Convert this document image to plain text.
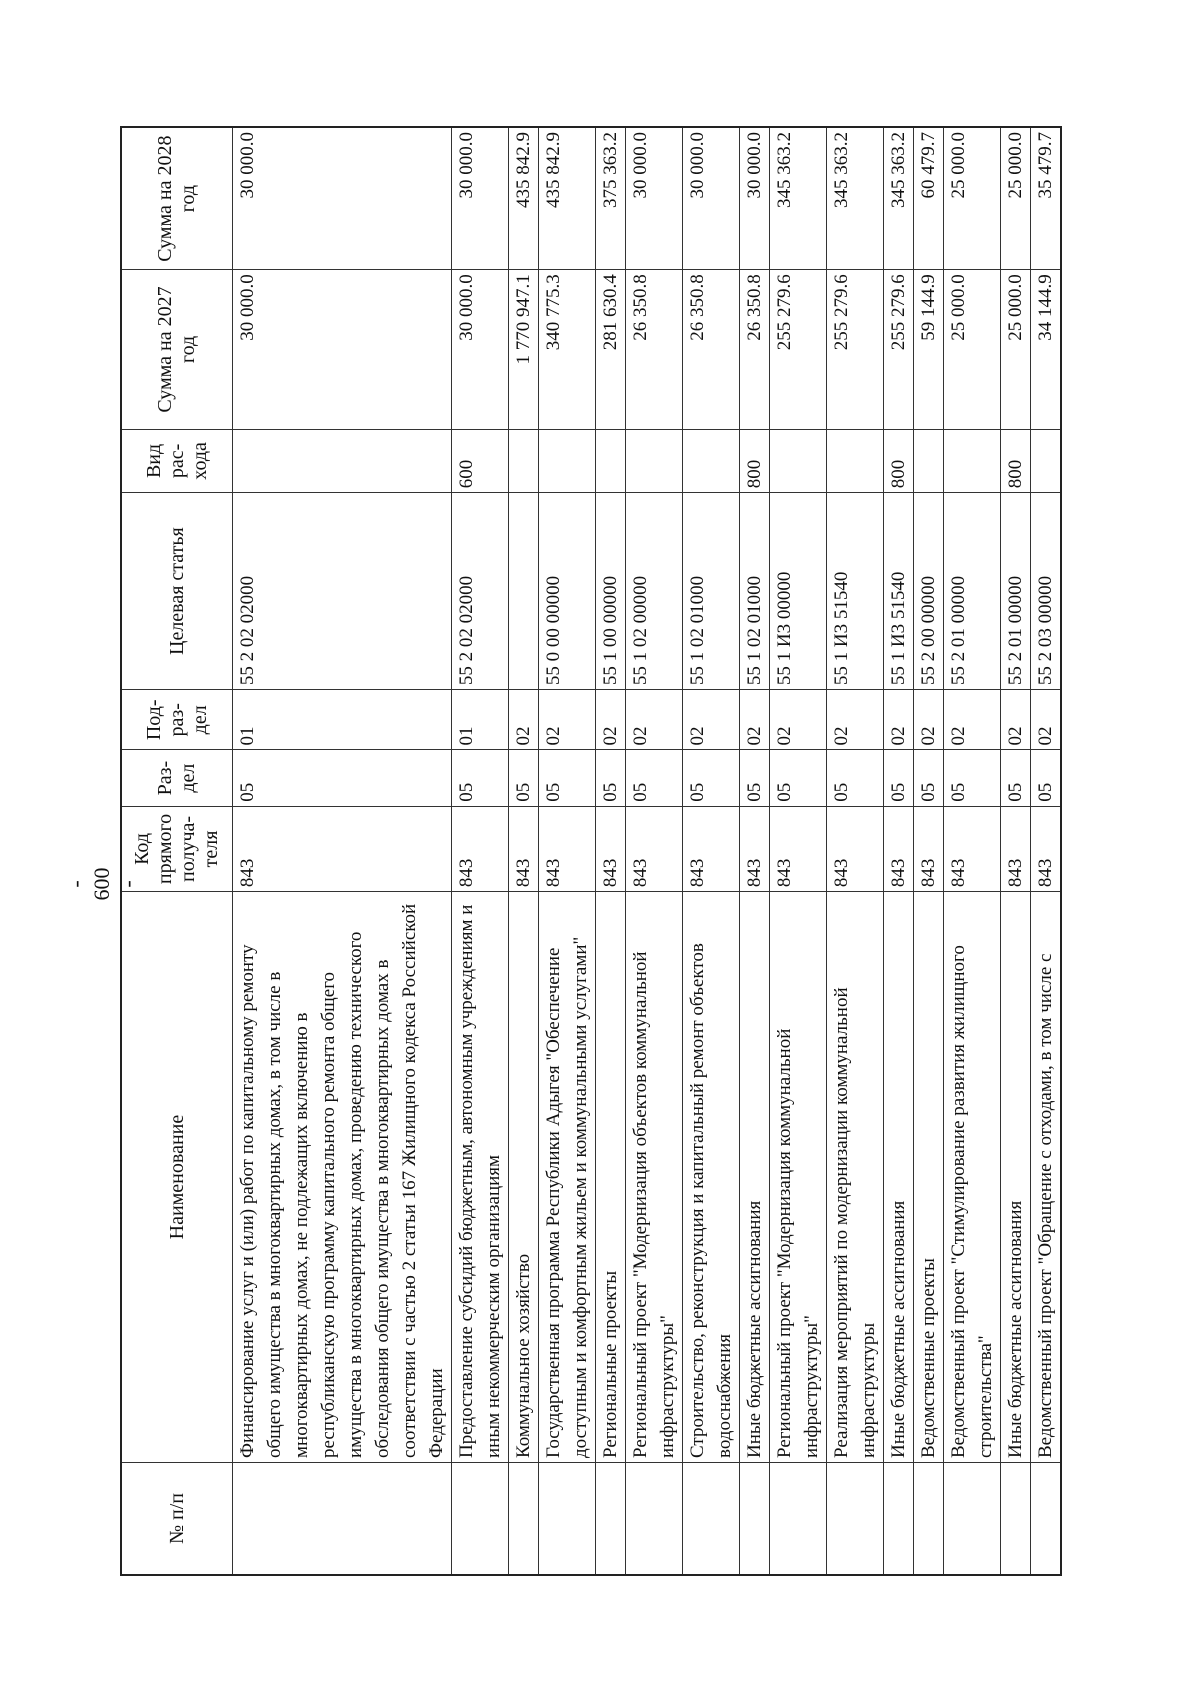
- 600 -
№ п/п	Наименование	Код прямого получа-теля	Раз-дел	Под-раз-дел	Целевая статья	Вид рас-хода	Сумма на 2027 год	Сумма на 2028 год
	Финансирование услуг и (или) работ по капитальному ремонту общего имущества в многоквартирных домах, в том числе в многоквартирных домах, не подлежащих включению в республиканскую программу капитального ремонта общего имущества в многоквартирных домах, проведению технического обследования общего имущества в многоквартирных домах в соответствии с частью 2 статьи 167 Жилищного кодекса Российской Федерации	843	05	01	55 2 02 02000		30 000.0	30 000.0
	Предоставление субсидий бюджетным, автономным учреждениям и иным некоммерческим организациям	843	05	01	55 2 02 02000	600	30 000.0	30 000.0
	Коммунальное хозяйство	843	05	02			1 770 947.1	435 842.9
	Государственная программа Республики Адыгея "Обеспечение доступным и комфортным жильем и коммунальными услугами"	843	05	02	55 0 00 00000		340 775.3	435 842.9
	Региональные проекты	843	05	02	55 1 00 00000		281 630.4	375 363.2
	Региональный проект "Модернизация объектов коммунальной инфраструктуры"	843	05	02	55 1 02 00000		26 350.8	30 000.0
	Строительство, реконструкция и капитальный ремонт объектов водоснабжения	843	05	02	55 1 02 01000		26 350.8	30 000.0
	Иные бюджетные ассигнования	843	05	02	55 1 02 01000	800	26 350.8	30 000.0
	Региональный проект "Модернизация коммунальной инфраструктуры"	843	05	02	55 1 И3 00000		255 279.6	345 363.2
	Реализация мероприятий по модернизации коммунальной инфраструктуры	843	05	02	55 1 И3 51540		255 279.6	345 363.2
	Иные бюджетные ассигнования	843	05	02	55 1 И3 51540	800	255 279.6	345 363.2
	Ведомственные проекты	843	05	02	55 2 00 00000		59 144.9	60 479.7
	Ведомственный проект "Стимулирование развития жилищного строительства"	843	05	02	55 2 01 00000		25 000.0	25 000.0
	Иные бюджетные ассигнования	843	05	02	55 2 01 00000	800	25 000.0	25 000.0
	Ведомственный проект "Обращение с отходами, в том числе с	843	05	02	55 2 03 00000		34 144.9	35 479.7
